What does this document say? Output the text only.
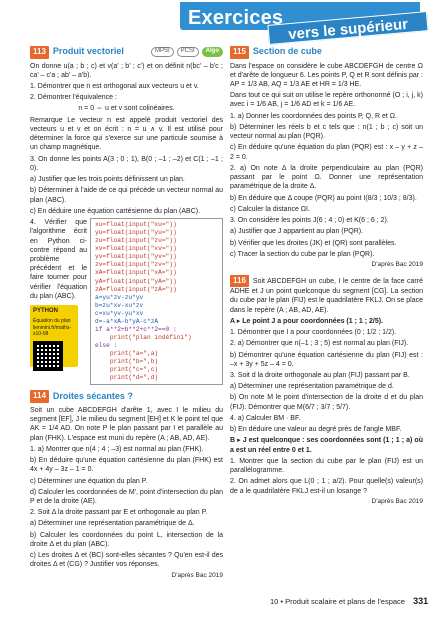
Exercices vers le supérieur
113 Produit vectoriel	MPSI	PCSI	Algo

On donne u(a ; b ; c) et v(a' ; b' ; c') et on définit n(bc' – b'c ; ca' – c'a ; ab' – a'b).

1. Démontrer que n est orthogonal aux vecteurs u et v.

2. Démontrer l'équivalence :

n = 0 ⇔ u et v sont colinéaires.

Remarque Le vecteur n est appelé produit vectoriel des vecteurs u et v et on écrit : n = u ∧ v. Il est utilisé pour déterminer la force qui s'exerce sur une particule soumise à un champ magnétique.

3. On donne les points A(3 ; 0 ; 1), B(0 ; –1 ; –2) et C(1 ; –1 ; 0).

a) Justifier que les trois points définissent un plan.

b) Déterminer à l'aide de ce qui précède un vecteur normal au plan (ABC).

c) En déduire une équation cartésienne du plan (ABC).

4. Vérifier que l'algorithme écrit en Python ci-contre répond au problème précédent et le faire tourner pour vérifier l'équation du plan (ABC).

PYTHON
Équation du plan
lienmini.fr/maths-s10-08
xu=float(input("xu="))
yu=float(input("yu="))
zu=float(input("zu="))
xv=float(input("xv="))
yv=float(input("yv="))
zv=float(input("zv="))
xA=float(input("xA="))
yA=float(input("yA="))
zA=float(input("zA="))
a=yu*zv-zu*yv
b=zu*xv-xu*zv
c=xu*yv-yu*xv
d=-a*xA-b*yA-c*zA
if a**2+b**2+c**2==0 :
print("plan indéfini")
else :
print("a=",a)
print("b=",b)
print("c=",c)
print("d=",d)
114 Droites sécantes ?

Soit un cube ABCDEFGH d'arête 1, avec I le milieu du segment [EF], J le milieu du segment [EH] et K le point tel que AK = 1/4 AD. On note P le plan passant par I et parallèle au plan (FHK). L'espace est muni du repère (A ; AB, AD, AE).

1. a) Montrer que n(4 ; 4 ; –3) est normal au plan (FHK).

b) En déduire qu'une équation cartésienne du plan (FHK) est 4x + 4y – 3z – 1 = 0.

c) Déterminer une équation du plan P.

d) Calculer les coordonnées de M', point d'intersection du plan P et de la droite (AE).

2. Soit Δ la droite passant par E et orthogonale au plan P.

a) Déterminer une représentation paramétrique de Δ.

b) Calculer les coordonnées du point L, intersection de la droite Δ et du plan (ABC).

c) Les droites Δ et (BC) sont-elles sécantes ? Qu'en est-il des droites Δ et (CG) ? Justifier vos réponses.

D'après Bac 2019
115 Section de cube

Dans l'espace on considère le cube ABCDEFGH de centre Ω et d'arête de longueur 6. Les points P, Q et R sont définis par : AP = 1/3 AB, AQ = 1/3 AE et HR = 1/3 HE.

Dans tout ce qui suit on utilise le repère orthonormé (O ; i, j, k) avec i = 1/6 AB, j = 1/6 AD et k = 1/6 AE.

1. a) Donner les coordonnées des points P, Q, R et Ω.

b) Déterminer les réels b et c tels que : n(1 ; b ; c) soit un vecteur normal au plan (PQR).

c) En déduire qu'une équation du plan (PQR) est : x – y + z – 2 = 0.

2. a) On note Δ la droite perpendiculaire au plan (PQR) passant par le point Ω. Donner une représentation paramétrique de la droite Δ.

b) En déduire que Δ coupe (PQR) au point I(8/3 ; 10/3 ; 8/3).

c) Calculer la distance ΩI.

3. On considère les points J(6 ; 4 ; 0) et K(6 ; 6 ; 2).

a) Justifier que J appartient au plan (PQR).

b) Vérifier que les droites (JK) et (QR) sont parallèles.

c) Tracer la section du cube par le plan (PQR).

D'après Bac 2019

116 Soit ABCDEFGH un cube, I le centre de la face carré ADHE et J un point quelconque du segment [CG]. La section du cube par le plan (FIJ) est le quadrilatère FKLJ. On se place dans le repère (A ; AB, AD, AE).

A ▸ Le point J a pour coordonnées (1 ; 1 ; 2/5).

1. Démontrer que I a pour coordonnées (0 ; 1/2 ; 1/2).

2. a) Démontrer que n(–1 ; 3 ; 5) est normal au plan (FIJ).

b) Démontrer qu'une équation cartésienne du plan (FIJ) est : –x + 3y + 5z – 4 = 0.

3. Soit d la droite orthogonale au plan (FIJ) passant par B.

a) Déterminer une représentation paramétrique de d.

b) On note M le point d'intersection de la droite d et du plan (FIJ). Démontrer que M(6/7 ; 3/7 ; 5/7).

4. a) Calculer BM · BF.

b) En déduire une valeur au degré près de l'angle MBF.

B ▸ J est quelconque : ses coordonnées sont (1 ; 1 ; a) où a est un réel entre 0 et 1.

1. Montrer que la section du cube par le plan (FIJ) est un parallélogramme.

2. On admet alors que L(0 ; 1 ; a/2). Pour quelle(s) valeur(s) de a le quadrilatère FKLJ est-il un losange ?

D'après Bac 2019
10 • Produit scalaire et plans de l'espace 331
